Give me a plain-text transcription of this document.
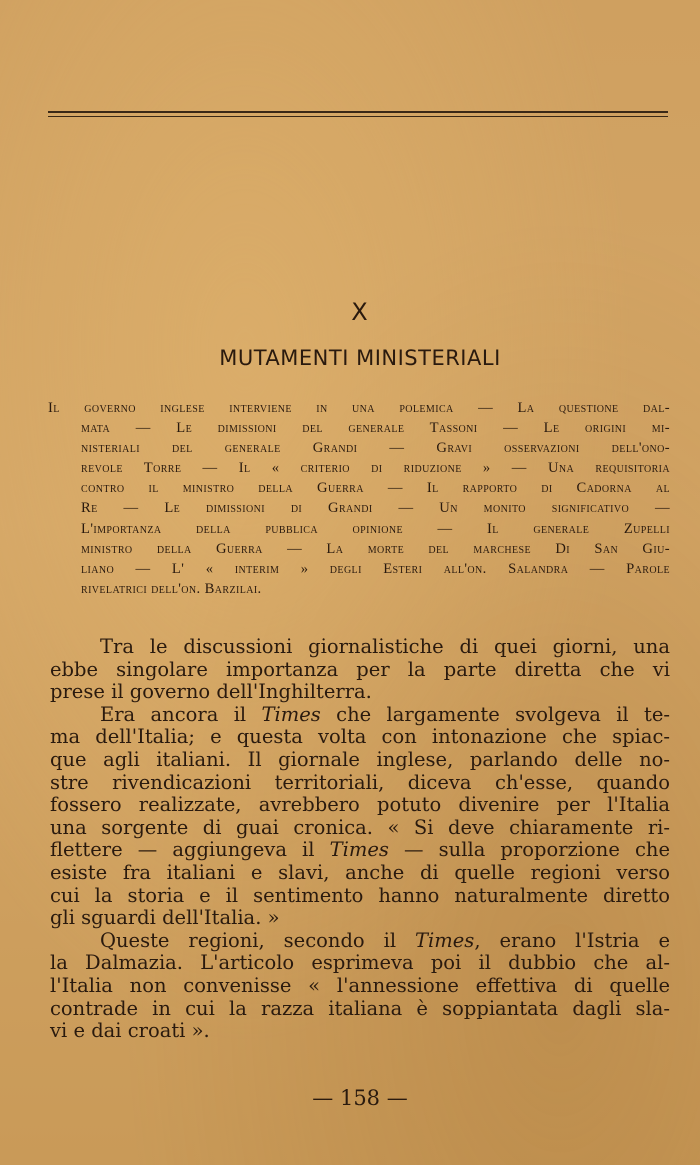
X
MUTAMENTI MINISTERIALI
Il governo inglese interviene in una polemica — La questione dal-
mata — Le dimissioni del generale Tassoni — Le origini mi-
nisteriali del generale Grandi — Gravi osservazioni dell'ono-
revole Torre — Il « criterio di riduzione » — Una requisitoria
contro il ministro della Guerra — Il rapporto di Cadorna al
Re — Le dimissioni di Grandi — Un monito significativo —
L'importanza della pubblica opinione — Il generale Zupelli
ministro della Guerra — La morte del marchese Di San Giu-
liano — L' « interim » degli Esteri all'on. Salandra — Parole
rivelatrici dell'on. Barzilai.
Tra le discussioni giornalistiche di quei giorni, una
ebbe singolare importanza per la parte diretta che vi
prese il governo dell'Inghilterra.
Era ancora il Times che largamente svolgeva il te-
ma dell'Italia; e questa volta con intonazione che spiac-
que agli italiani. Il giornale inglese, parlando delle no-
stre rivendicazioni territoriali, diceva ch'esse, quando
fossero realizzate, avrebbero potuto divenire per l'Italia
una sorgente di guai cronica. « Si deve chiaramente ri-
flettere — aggiungeva il Times — sulla proporzione che
esiste fra italiani e slavi, anche di quelle regioni verso
cui la storia e il sentimento hanno naturalmente diretto
gli sguardi dell'Italia. »
Queste regioni, secondo il Times, erano l'Istria e
la Dalmazia. L'articolo esprimeva poi il dubbio che al-
l'Italia non convenisse « l'annessione effettiva di quelle
contrade in cui la razza italiana è soppiantata dagli sla-
vi e dai croati ».
— 158 —
